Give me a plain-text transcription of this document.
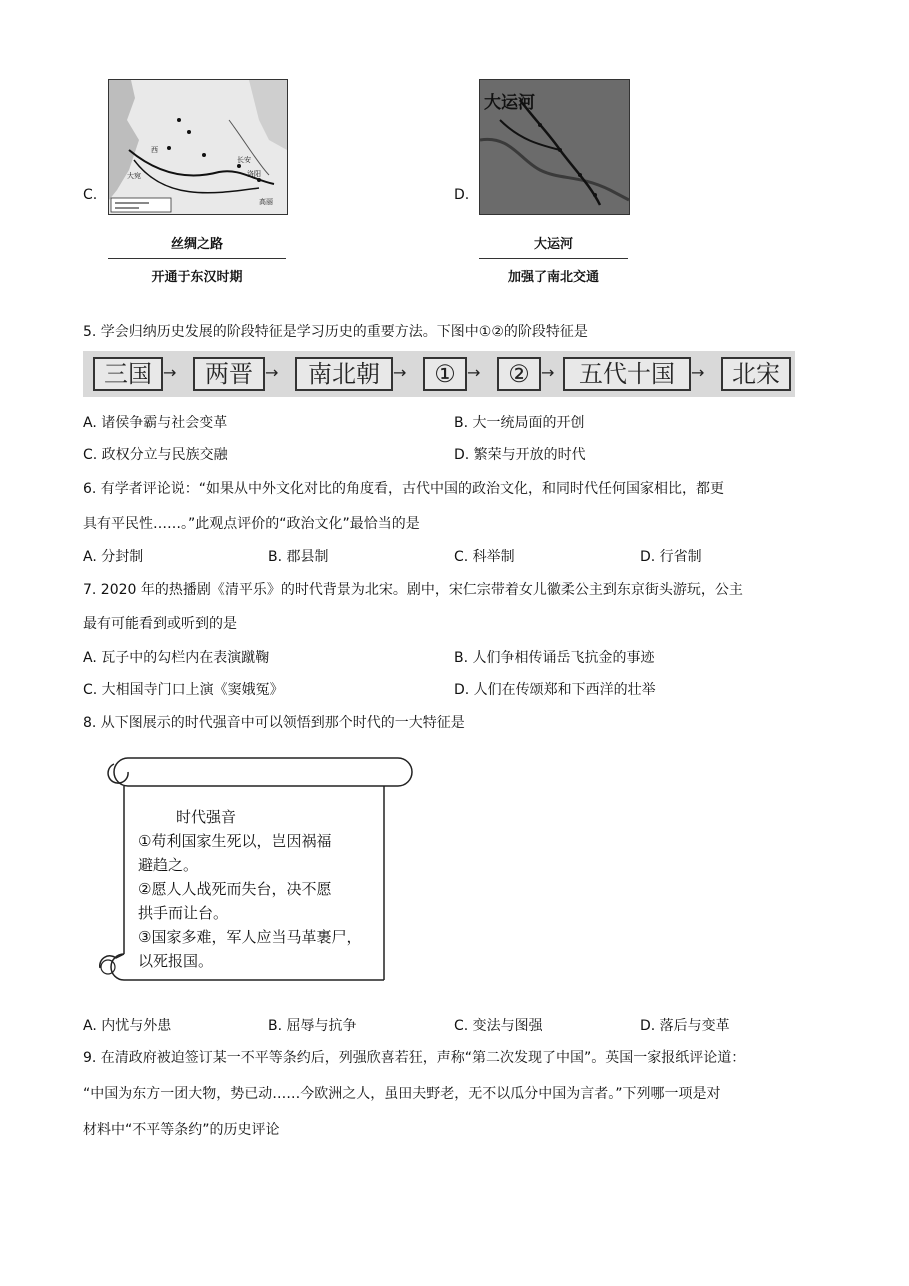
C.
西
大宛
长安
洛阳
高丽
丝绸之路
开通于东汉时期
D.
大运河
大运河
加强了南北交通
5. 学会归纳历史发展的阶段特征是学习历史的重要方法。下图中①②的阶段特征是
三国 →	两晋 →	南北朝 →	① →	② →	五代十国	→	北宋
A. 诸侯争霸与社会变革	B. 大一统局面的开创
C. 政权分立与民族交融	D. 繁荣与开放的时代
6. 有学者评论说：“如果从中外文化对比的角度看，古代中国的政治文化，和同时代任何国家相比，都更
具有平民性……。”此观点评价的“政治文化”最恰当的是
A. 分封制	B. 郡县制	C. 科举制	D. 行省制
7. 2020 年的热播剧《清平乐》的时代背景为北宋。剧中，宋仁宗带着女儿徽柔公主到东京街头游玩，公主
最有可能看到或听到的是
A. 瓦子中的勾栏内在表演蹴鞠	B. 人们争相传诵岳飞抗金的事迹
C. 大相国寺门口上演《窦娥冤》	D. 人们在传颂郑和下西洋的壮举
8. 从下图展示的时代强音中可以领悟到那个时代的一大特征是
时代强音
①苟利国家生死以，岂因祸福
避趋之。
②愿人人战死而失台，决不愿
拱手而让台。
③国家多难，军人应当马革裹尸，
以死报国。
A. 内忧与外患	B. 屈辱与抗争	C. 变法与图强	D. 落后与变革
9. 在清政府被迫签订某一不平等条约后，列强欣喜若狂，声称“第二次发现了中国”。英国一家报纸评论道：
“中国为东方一团大物，势已动……今欧洲之人，虽田夫野老，无不以瓜分中国为言者。”下列哪一项是对
材料中“不平等条约”的历史评论
